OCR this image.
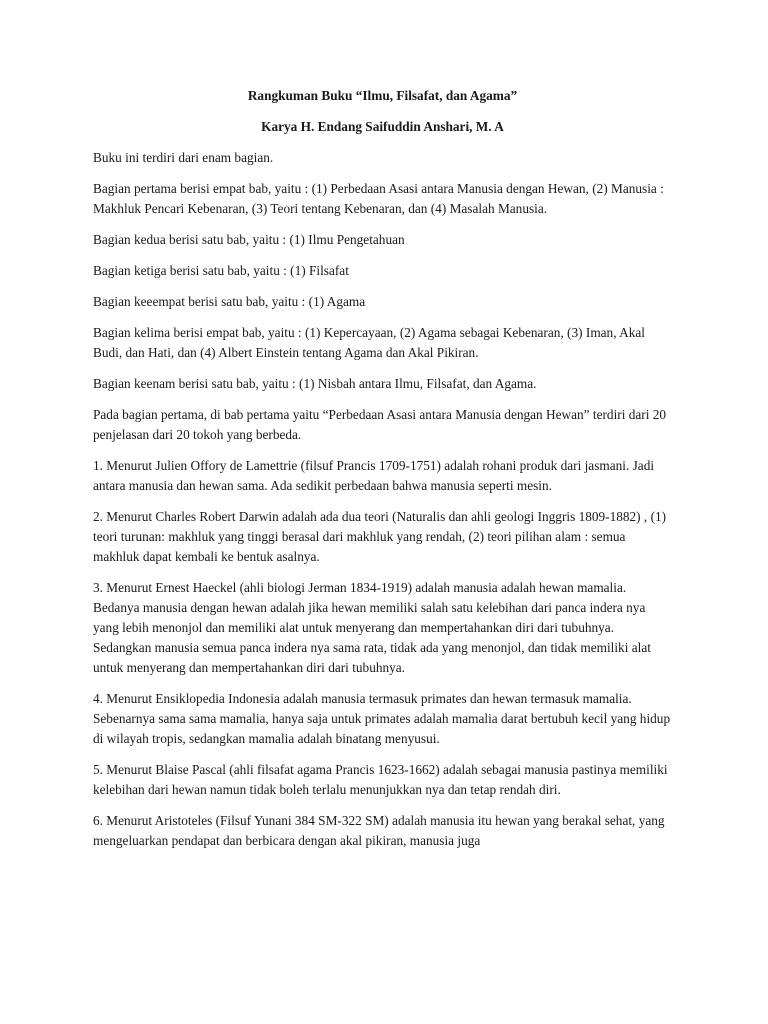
Rangkuman Buku “Ilmu, Filsafat, dan Agama”
Karya H. Endang Saifuddin Anshari, M. A

Buku ini terdiri dari enam bagian.

Bagian pertama berisi empat bab, yaitu : (1) Perbedaan Asasi antara Manusia dengan Hewan, (2) Manusia : Makhluk Pencari Kebenaran, (3) Teori tentang Kebenaran, dan (4) Masalah Manusia.

Bagian kedua berisi satu bab, yaitu : (1) Ilmu Pengetahuan

Bagian ketiga berisi satu bab, yaitu : (1) Filsafat

Bagian keeempat berisi satu bab, yaitu : (1) Agama

Bagian kelima berisi empat bab, yaitu : (1) Kepercayaan, (2) Agama sebagai Kebenaran, (3) Iman, Akal Budi, dan Hati, dan (4) Albert Einstein tentang Agama dan Akal Pikiran.

Bagian keenam berisi satu bab, yaitu : (1) Nisbah antara Ilmu, Filsafat, dan Agama.

Pada bagian pertama, di bab pertama yaitu “Perbedaan Asasi antara Manusia dengan Hewan” terdiri dari 20 penjelasan dari 20 tokoh yang berbeda.

1. Menurut Julien Offory de Lamettrie (filsuf Prancis 1709-1751) adalah rohani produk dari jasmani. Jadi antara manusia dan hewan sama. Ada sedikit perbedaan bahwa manusia seperti mesin.

2. Menurut Charles Robert Darwin adalah ada dua teori (Naturalis dan ahli geologi Inggris 1809-1882) , (1) teori turunan: makhluk yang tinggi berasal dari makhluk yang rendah, (2) teori pilihan alam : semua makhluk dapat kembali ke bentuk asalnya.

3. Menurut Ernest Haeckel (ahli biologi Jerman 1834-1919) adalah manusia adalah hewan mamalia. Bedanya manusia dengan hewan adalah jika hewan memiliki salah satu kelebihan dari panca indera nya yang lebih menonjol dan memiliki alat untuk menyerang dan mempertahankan diri dari tubuhnya. Sedangkan manusia semua panca indera nya sama rata, tidak ada yang menonjol, dan tidak memiliki alat untuk menyerang dan mempertahankan diri dari tubuhnya.

4. Menurut Ensiklopedia Indonesia adalah manusia termasuk primates dan hewan termasuk mamalia. Sebenarnya sama sama mamalia, hanya saja untuk primates adalah mamalia darat bertubuh kecil yang hidup di wilayah tropis, sedangkan mamalia adalah binatang menyusui.

5. Menurut Blaise Pascal (ahli filsafat agama Prancis 1623-1662) adalah sebagai manusia pastinya memiliki kelebihan dari hewan namun tidak boleh terlalu menunjukkan nya dan tetap rendah diri.

6. Menurut Aristoteles (Filsuf Yunani 384 SM-322 SM) adalah manusia itu hewan yang berakal sehat, yang mengeluarkan pendapat dan berbicara dengan akal pikiran, manusia juga
